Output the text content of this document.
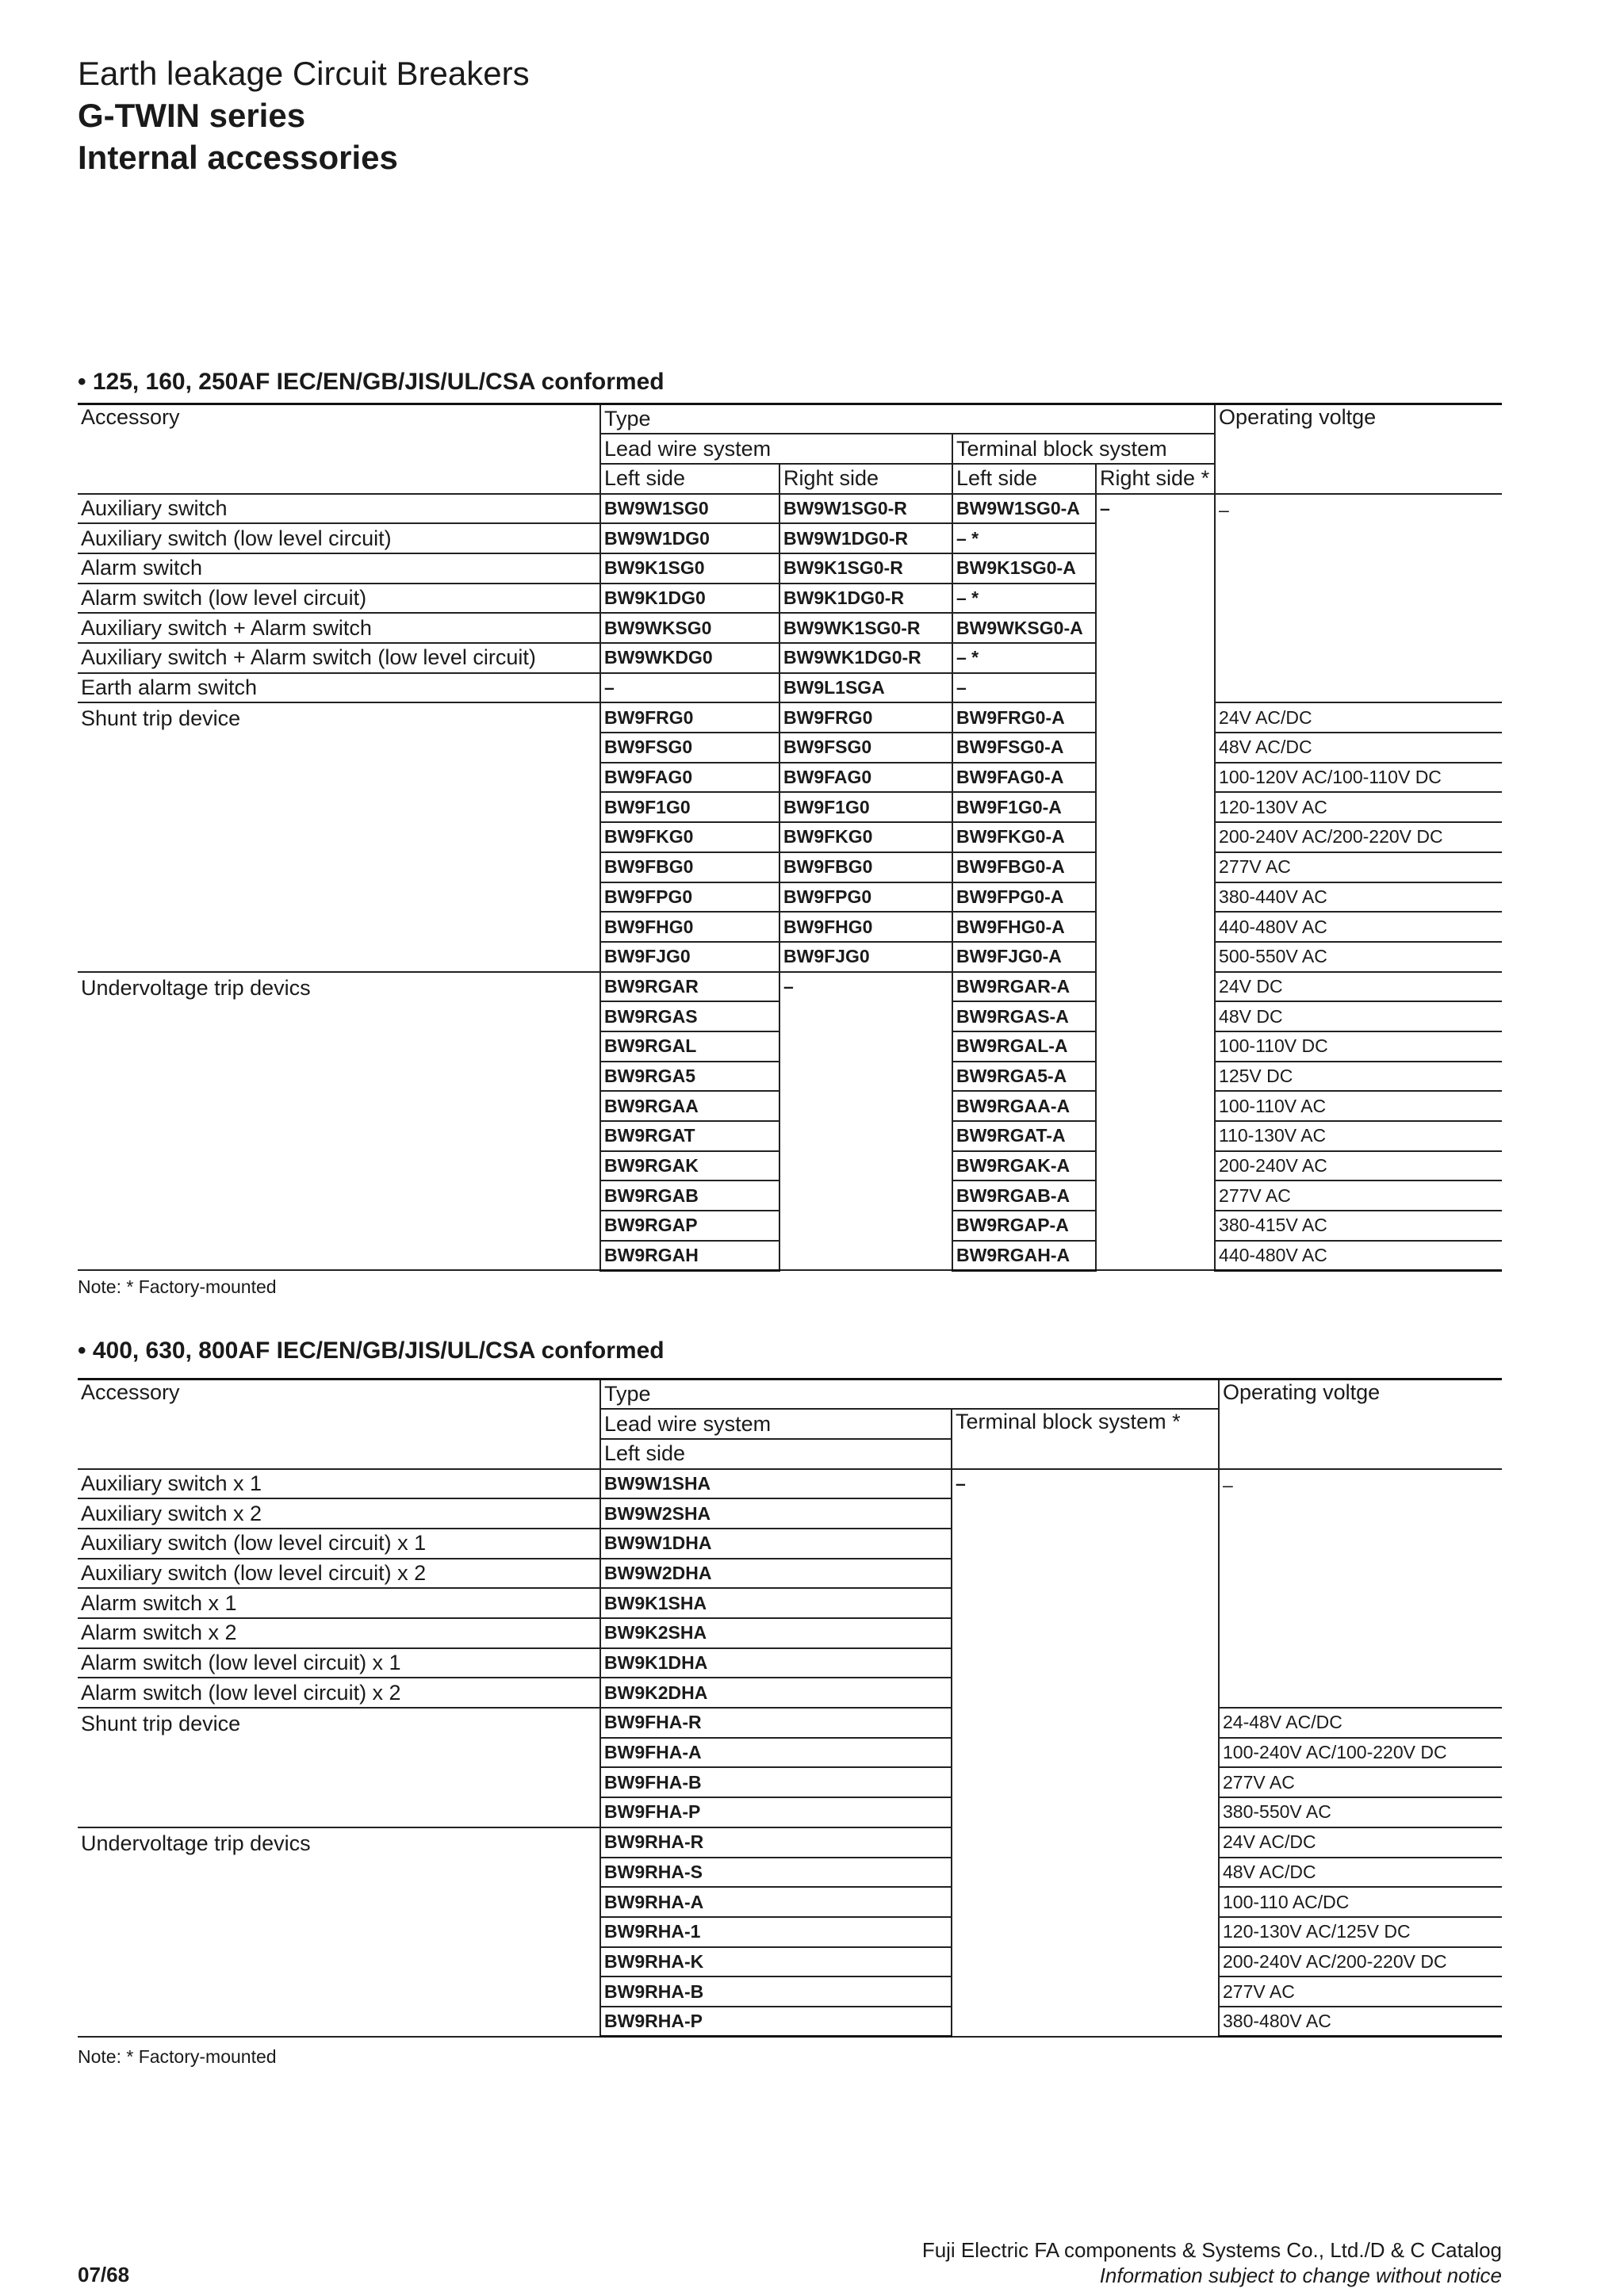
Earth leakage Circuit Breakers
G-TWIN series
Internal accessories
• 125, 160, 250AF IEC/EN/GB/JIS/UL/CSA conformed
Accessory	Type				Operating voltge
	Lead wire system		Terminal block system		
	Left side	Right side	Left side	Right side *	
Auxiliary switch	BW9W1SG0	BW9W1SG0-R	BW9W1SG0-A	–	–
Auxiliary switch (low level circuit)	BW9W1DG0	BW9W1DG0-R	– *		
Alarm switch	BW9K1SG0	BW9K1SG0-R	BW9K1SG0-A		
Alarm switch (low level circuit)	BW9K1DG0	BW9K1DG0-R	– *		
Auxiliary switch + Alarm switch	BW9WKSG0	BW9WK1SG0-R	BW9WKSG0-A		
Auxiliary switch + Alarm switch (low level circuit)	BW9WKDG0	BW9WK1DG0-R	– *		
Earth alarm switch	–	BW9L1SGA	–		
Shunt trip device	BW9FRG0	BW9FRG0	BW9FRG0-A		24V AC/DC
	BW9FSG0	BW9FSG0	BW9FSG0-A		48V AC/DC
	BW9FAG0	BW9FAG0	BW9FAG0-A		100-120V AC/100-110V DC
	BW9F1G0	BW9F1G0	BW9F1G0-A		120-130V AC
	BW9FKG0	BW9FKG0	BW9FKG0-A		200-240V AC/200-220V DC
	BW9FBG0	BW9FBG0	BW9FBG0-A		277V AC
	BW9FPG0	BW9FPG0	BW9FPG0-A		380-440V AC
	BW9FHG0	BW9FHG0	BW9FHG0-A		440-480V AC
	BW9FJG0	BW9FJG0	BW9FJG0-A		500-550V AC
Undervoltage trip devics	BW9RGAR	–	BW9RGAR-A		24V DC
	BW9RGAS		BW9RGAS-A		48V DC
	BW9RGAL		BW9RGAL-A		100-110V DC
	BW9RGA5		BW9RGA5-A		125V DC
	BW9RGAA		BW9RGAA-A		100-110V AC
	BW9RGAT		BW9RGAT-A		110-130V AC
	BW9RGAK		BW9RGAK-A		200-240V AC
	BW9RGAB		BW9RGAB-A		277V AC
	BW9RGAP		BW9RGAP-A		380-415V AC
	BW9RGAH		BW9RGAH-A		440-480V AC
Note: * Factory-mounted
• 400, 630, 800AF IEC/EN/GB/JIS/UL/CSA conformed
Accessory	Type		Operating voltge
	Lead wire system	Terminal block system *	
	Left side		
Auxiliary switch x 1	BW9W1SHA	–	–
Auxiliary switch x 2	BW9W2SHA		
Auxiliary switch (low level circuit) x 1	BW9W1DHA		
Auxiliary switch (low level circuit) x 2	BW9W2DHA		
Alarm switch x 1	BW9K1SHA		
Alarm switch x 2	BW9K2SHA		
Alarm switch (low level circuit) x 1	BW9K1DHA		
Alarm switch (low level circuit) x 2	BW9K2DHA		
Shunt trip device	BW9FHA-R		24-48V AC/DC
	BW9FHA-A		100-240V AC/100-220V DC
	BW9FHA-B		277V AC
	BW9FHA-P		380-550V AC
Undervoltage trip devics	BW9RHA-R		24V AC/DC
	BW9RHA-S		48V AC/DC
	BW9RHA-A		100-110 AC/DC
	BW9RHA-1		120-130V AC/125V DC
	BW9RHA-K		200-240V AC/200-220V DC
	BW9RHA-B		277V AC
	BW9RHA-P		380-480V AC
Note: * Factory-mounted
07/68
Fuji Electric FA components & Systems Co., Ltd./D & C Catalog
Information subject to change without notice
